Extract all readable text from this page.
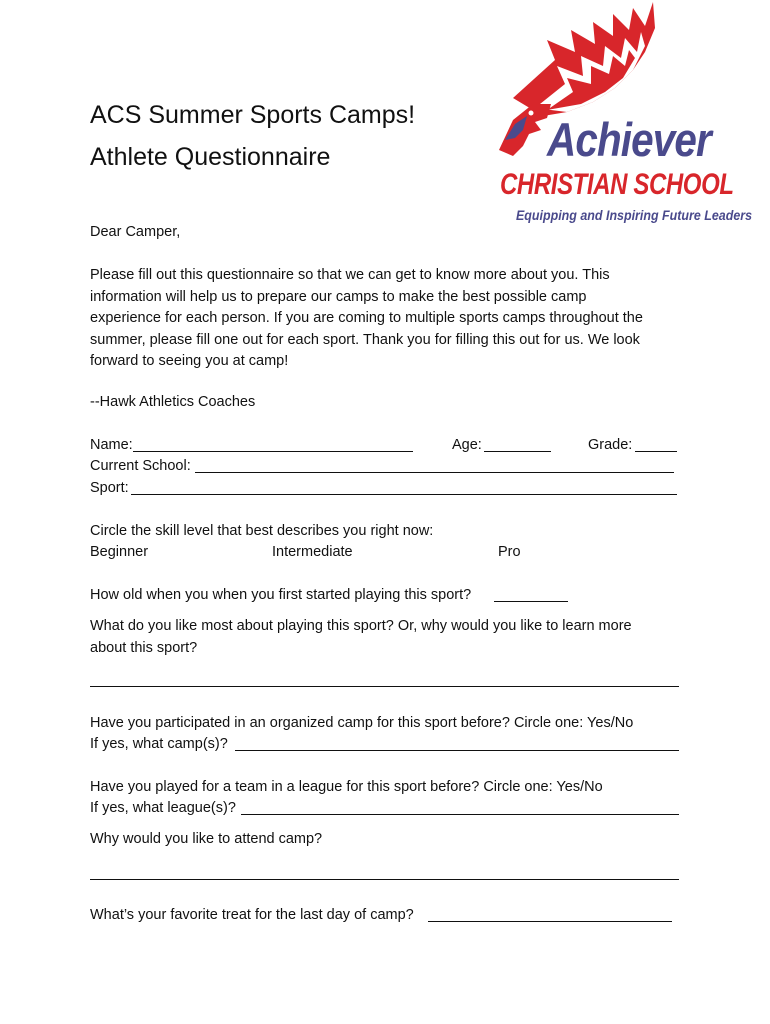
ACS Summer Sports Camps!
Athlete Questionnaire	Achiever
CHRISTIAN SCHOOL
Equipping and Inspiring Future Leaders
Dear Camper,
Please fill out this questionnaire so that we can get to know more about you. This
information will help us to prepare our camps to make the best possible camp
experience for each person. If you are coming to multiple sports camps throughout the
summer, please fill one out for each sport. Thank you for filling this out for us. We look
forward to seeing you at camp!
--Hawk Athletics Coaches
Name:	Age:	Grade:
Current School:
Sport:
Circle the skill level that best describes you right now:
Beginner	Intermediate	Pro
How old when you when you first started playing this sport?
What do you like most about playing this sport? Or, why would you like to learn more
about this sport?
Have you participated in an organized camp for this sport before? Circle one: Yes/No
If yes, what camp(s)?
Have you played for a team in a league for this sport before? Circle one: Yes/No
If yes, what league(s)?
Why would you like to attend camp?
What’s your favorite treat for the last day of camp?
